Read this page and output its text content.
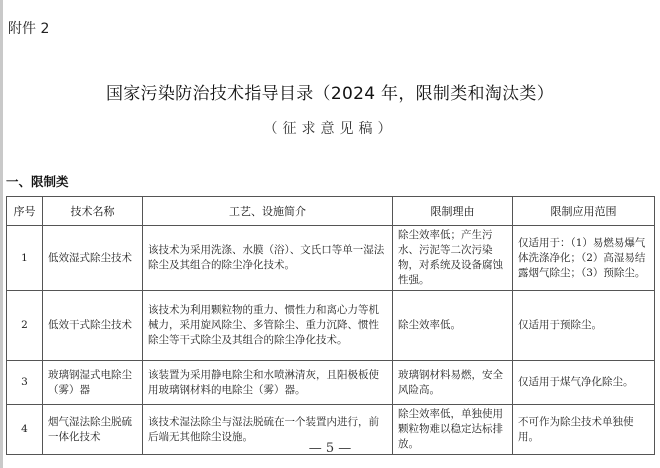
附件 2
国家污染防治技术指导目录（2024 年，限制类和淘汰类）
（征求意见稿）
一、限制类
序号	技术名称	工艺、设施简介	限制理由	限制应用范围
1	低效湿式除尘技术	该技术为采用洗涤、水膜（浴）、文氏口等单一湿法除尘及其组合的除尘净化技术。	除尘效率低；产生污水、污泥等二次污染物，对系统及设备腐蚀性强。	仅适用于：（1）易燃易爆气体洗涤净化；（2）高湿易结露烟气除尘；（3）预除尘。
2	低效干式除尘技术	该技术为利用颗粒物的重力、惯性力和离心力等机械力，采用旋风除尘、多管除尘、重力沉降、惯性除尘等干式除尘及其组合的除尘净化技术。	除尘效率低。	仅适用于预除尘。
3	玻璃钢湿式电除尘（雾）器	该装置为采用静电除尘和水喷淋清灰，且阳极板使用玻璃钢材料的电除尘（雾）器。	玻璃钢材料易燃，安全风险高。	仅适用于煤气净化除尘。
4	烟气湿法除尘脱硫一体化技术	该技术湿法除尘与湿法脱硫在一个装置内进行，前后端无其他除尘设施。	除尘效率低，单独使用颗粒物难以稳定达标排放。	不可作为除尘技术单独使用。
— 5 —
